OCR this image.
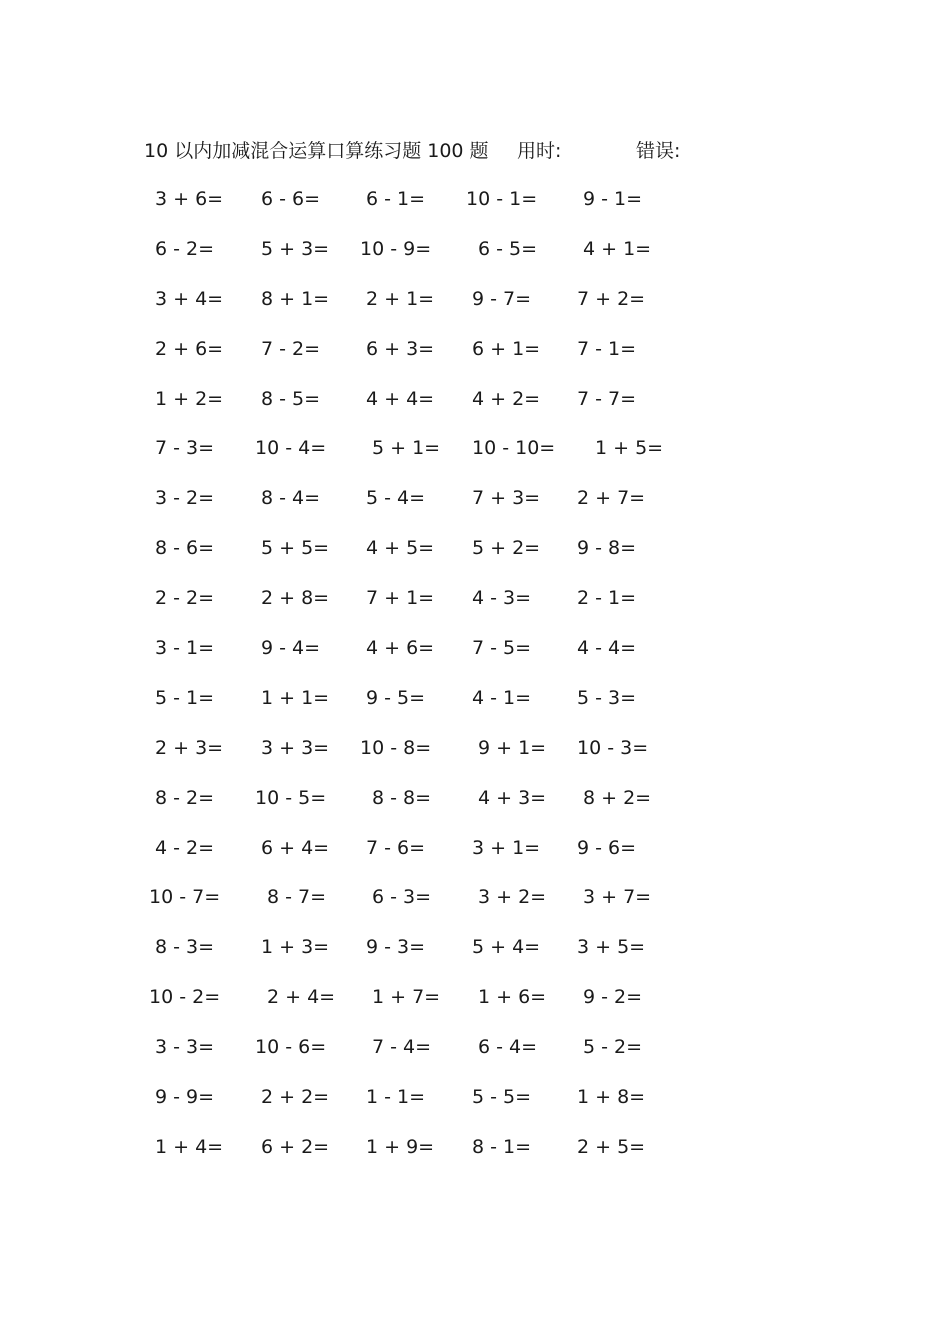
10 以内加减混合运算口算练习题 100 题 用时:	错误:
3 + 6= 6 - 6= 6 - 1= 10 - 1= 9 - 1=
6 - 2= 5 + 3= 10 - 9= 6 - 5= 4 + 1=
3 + 4= 8 + 1= 2 + 1= 9 - 7= 7 + 2=
2 + 6= 7 - 2= 6 + 3= 6 + 1= 7 - 1=
1 + 2= 8 - 5= 4 + 4= 4 + 2= 7 - 7=
7 - 3= 10 - 4= 5 + 1= 10 - 10= 1 + 5=
3 - 2= 8 - 4= 5 - 4= 7 + 3= 2 + 7=
8 - 6= 5 + 5= 4 + 5= 5 + 2= 9 - 8=
2 - 2= 2 + 8= 7 + 1= 4 - 3= 2 - 1=
3 - 1= 9 - 4= 4 + 6= 7 - 5= 4 - 4=
5 - 1= 1 + 1= 9 - 5= 4 - 1= 5 - 3=
2 + 3= 3 + 3= 10 - 8= 9 + 1= 10 - 3=
8 - 2= 10 - 5= 8 - 8= 4 + 3= 8 + 2=
4 - 2= 6 + 4= 7 - 6= 3 + 1= 9 - 6=
10 - 7= 8 - 7= 6 - 3= 3 + 2= 3 + 7=
8 - 3= 1 + 3= 9 - 3= 5 + 4= 3 + 5=
10 - 2= 2 + 4= 1 + 7= 1 + 6= 9 - 2=
3 - 3= 10 - 6= 7 - 4= 6 - 4= 5 - 2=
9 - 9= 2 + 2= 1 - 1= 5 - 5= 1 + 8=
1 + 4= 6 + 2= 1 + 9= 8 - 1= 2 + 5=
